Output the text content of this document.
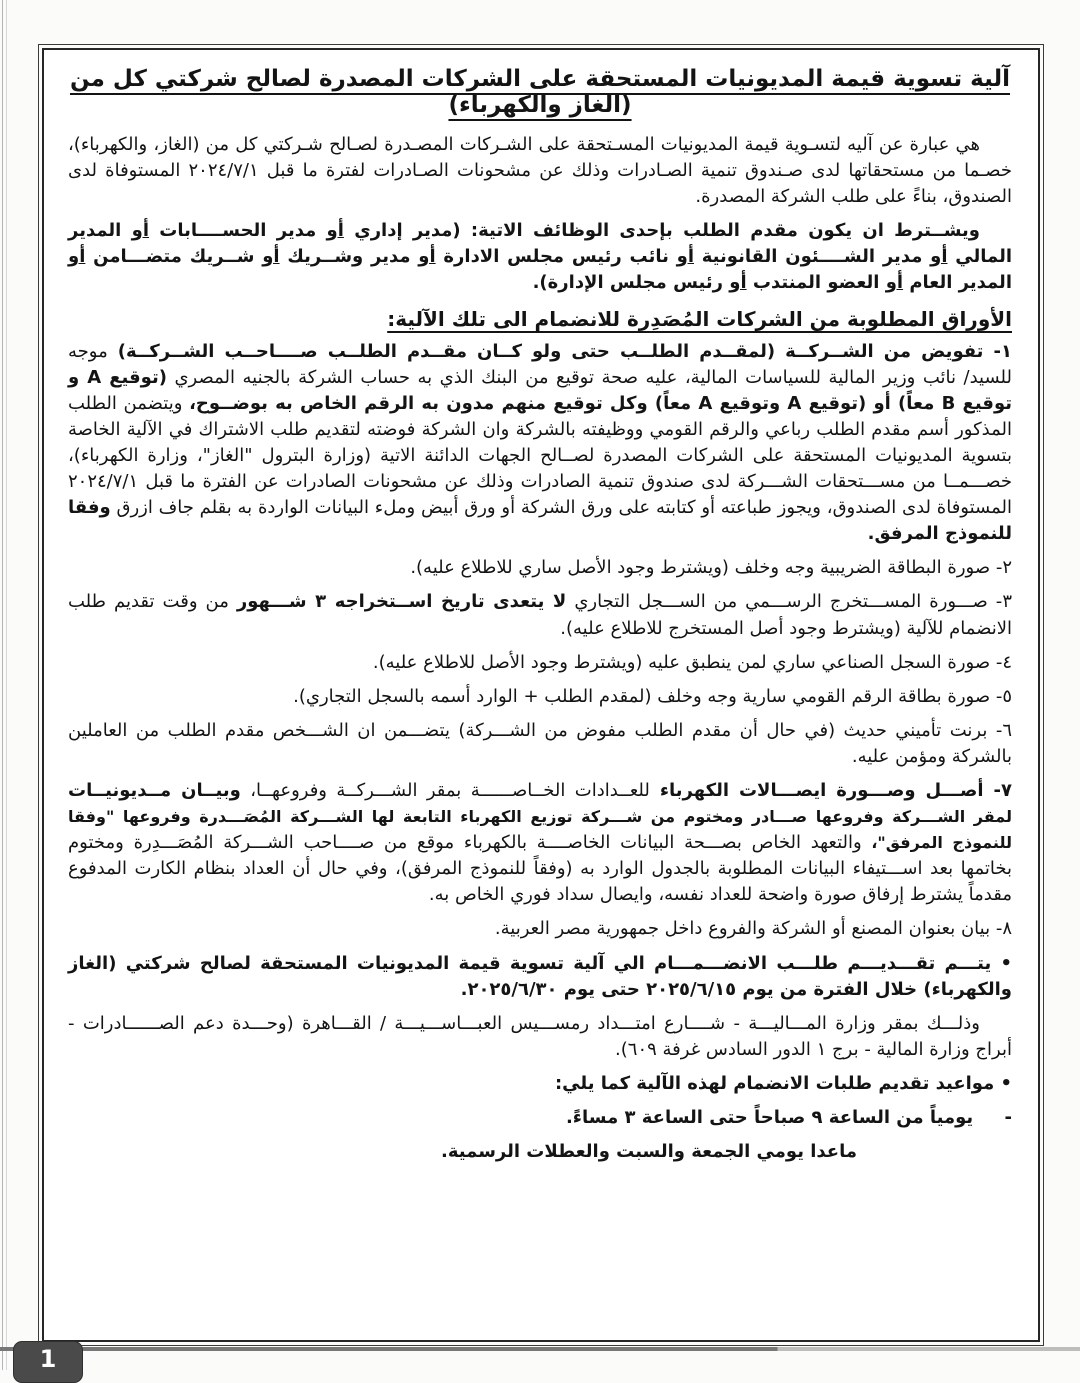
آلية تسوية قيمة المديونيات المستحقة على الشركات المصدرة لصالح شركتي كل من (الغاز والكهرباء)

هي عبارة عن آليه لتسـوية قيمة المديونيات المسـتحقة على الشـركات المصـدرة لصـالح شـركتي كل من (الغاز، والكهرباء)، خصـما من مستحقاتها لدى صـندوق تنمية الصـادرات وذلك عن مشحونات الصـادرات لفترة ما قبل ٢٠٢٤/٧/١ المستوفاة لدى الصندوق، بناءً على طلب الشركة المصدرة.

ويشــترط ان يكون مقدم الطلب بإحدى الوظائف الاتية: (مدير إداري أو مدير الحســــابات أو المدير المالي أو مدير الشــــئون القانونية أو نائب رئيس مجلس الادارة أو مدير وشــريك أو شــريك متضـــامن أو المدير العام أو العضو المنتدب أو رئيس مجلس الإدارة).

الأوراق المطلوبة من الشركات المُصَدِرة للانضمام الى تلك الآلية:

١- تفويض من الشــركــة (لمقــدم الطلــب حتى ولو كــان مقــدم الطلــب صــــاحــب الشــركــة) موجه للسيد/ نائب وزير المالية للسياسات المالية، عليه صحة توقيع من البنك الذي به حساب الشركة بالجنيه المصري (توقيع A و توقيع B معاً) أو (توقيع A وتوقيع A معاً) وكل توقيع منهم مدون به الرقم الخاص به بوضــوح، ويتضمن الطلب المذكور أسم مقدم الطلب رباعي والرقم القومي ووظيفته بالشركة وان الشركة فوضته لتقديم طلب الاشتراك في الآلية الخاصة بتسوية المديونيات المستحقة على الشركات المصدرة لصــالح الجهات الدائنة الاتية (وزارة البترول "الغاز"، وزارة الكهرباء)، خصـــمــا من مســـتحقات الشـــركة لدى صندوق تنمية الصادرات وذلك عن مشحونات الصادرات عن الفترة ما قبل ٢٠٢٤/٧/١ المستوفاة لدى الصندوق، ويجوز طباعته أو كتابته على ورق الشركة أو ورق أبيض وملء البيانات الواردة به بقلم جاف ازرق وفقا للنموذج المرفق.

٢- صورة البطاقة الضريبية وجه وخلف (ويشترط وجود الأصل ساري للاطلاع عليه).

٣- صـــورة المســـتخرج الرســـمي من الســـجل التجاري لا يتعدى تاريخ اســتخراجه ٣ شـــهور من وقت تقديم طلب الانضمام للآلية (ويشترط وجود أصل المستخرج للاطلاع عليه).

٤- صورة السجل الصناعي ساري لمن ينطبق عليه (ويشترط وجود الأصل للاطلاع عليه).

٥- صورة بطاقة الرقم القومي سارية وجه وخلف (لمقدم الطلب + الوارد أسمه بالسجل التجاري).

٦- برنت تأميني حديث (في حال أن مقدم الطلب مفوض من الشـــركة) يتضـــمن ان الشـــخص مقدم الطلب من العاملين بالشركة ومؤمن عليه.

٧- أصـــل وصـــورة ايصـــالات الكهرباء للعــدادات الخــاصــــــة بمقر الشـــركــة وفروعهــا، وبيــان مــديونيــات لمقر الشـــركة وفروعها صـــادر ومختوم من شـــركة توزيع الكهرباء التابعة لها الشـــركة المُصَـــدرة وفروعها "وفقا للنموذج المرفق"، والتعهد الخاص بصـــحة البيانات الخاصــــة بالكهرباء موقع من صــــاحب الشـــركة المُصَـــدِرة ومختوم بخاتمها بعد اســـتيفاء البيانات المطلوبة بالجدول الوارد به (وفقاً للنموذج المرفق)، وفي حال أن العداد بنظام الكارت المدفوع مقدماً يشترط إرفاق صورة واضحة للعداد نفسه، وايصال سداد فوري الخاص به.

٨- بيان بعنوان المصنع أو الشركة والفروع داخل جمهورية مصر العربية.

• يتـــم تقـــديـــم طلـــب الانضـــمـــام الي آلية تسوية قيمة المديونيات المستحقة لصالح شركتي (الغاز والكهرباء) خلال الفترة من يوم ٢٠٢٥/٦/١٥ حتى يوم ٢٠٢٥/٦/٣٠.

وذلـــك بمقر وزارة المـــاليـــة - شــــارع امتـــداد رمســـيس العبـــاســـيـــة / القـــاهرة (وحـــدة دعم الصــــــادرات - أبراج وزارة المالية - برج ١ الدور السادس غرفة ٦٠٩).

• مواعيد تقديم طلبات الانضمام لهذه الآلية كما يلي:

-     يومياً من الساعة ٩ صباحاً حتى الساعة ٣ مساءً.

ماعدا يومي الجمعة والسبت والعطلات الرسمية.

1
